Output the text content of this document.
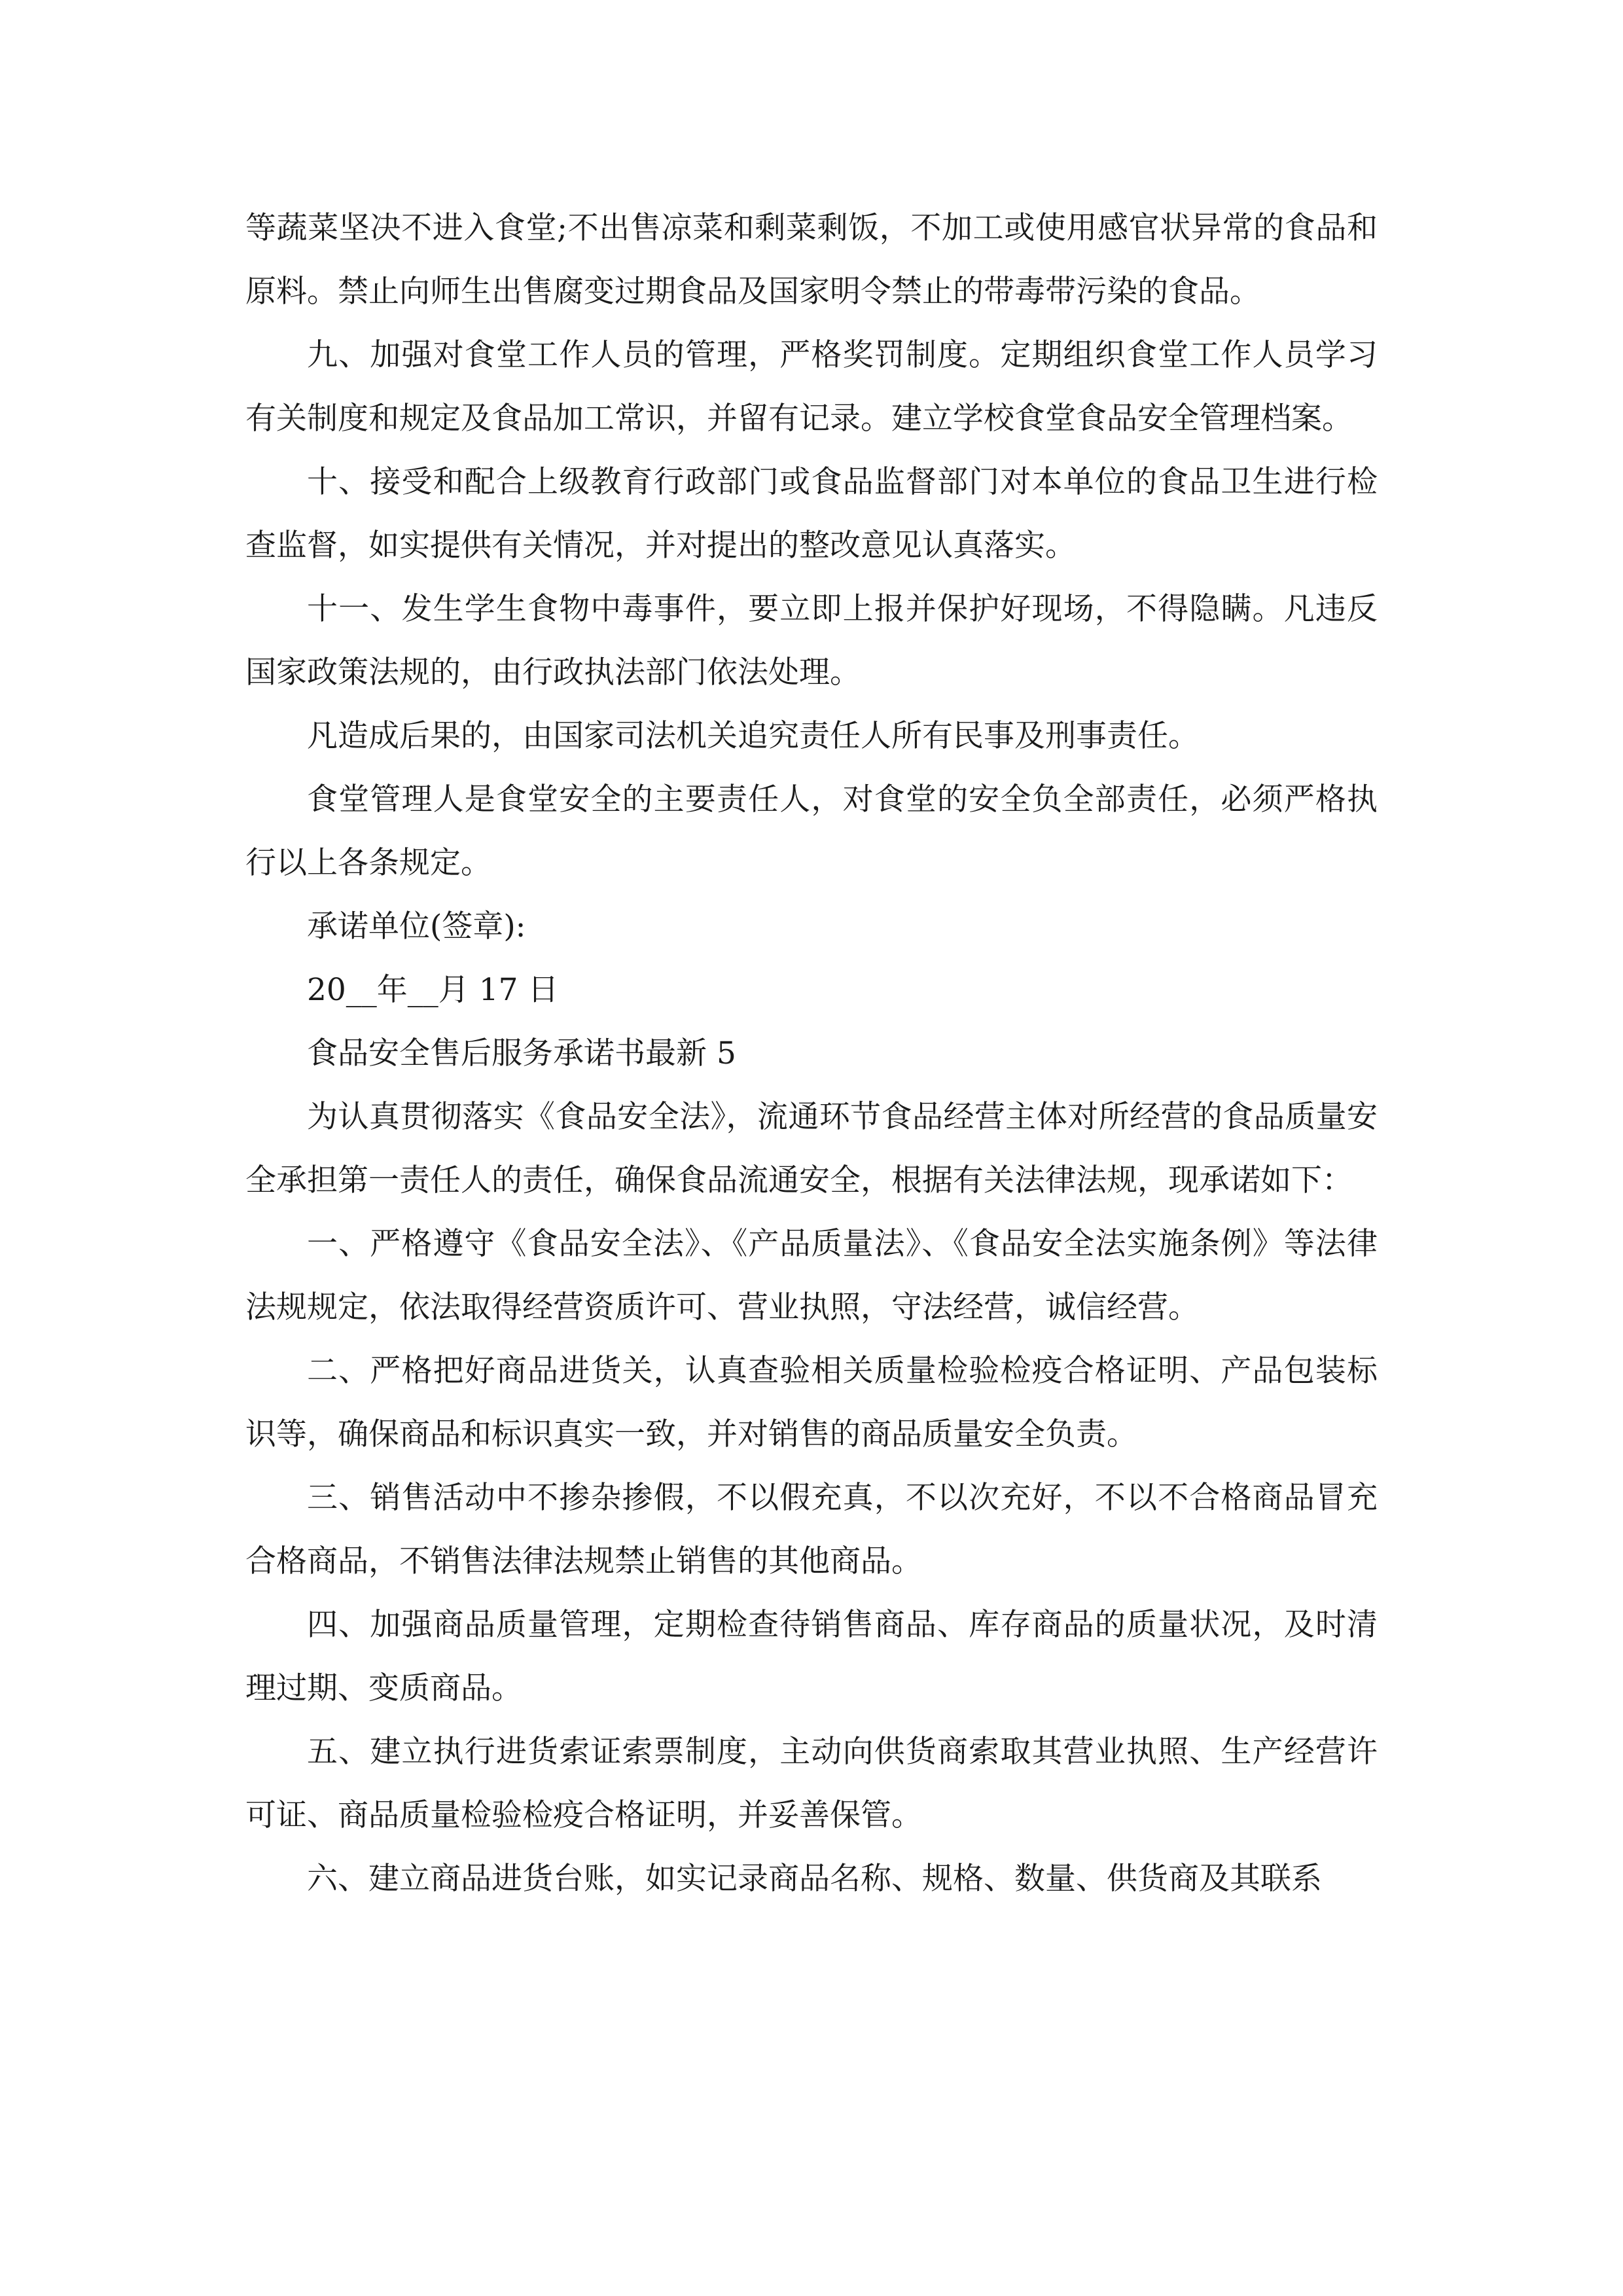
等蔬菜坚决不进入食堂;不出售凉菜和剩菜剩饭，不加工或使用感官状异常的食品和原料。禁止向师生出售腐变过期食品及国家明令禁止的带毒带污染的食品。

九、加强对食堂工作人员的管理，严格奖罚制度。定期组织食堂工作人员学习有关制度和规定及食品加工常识，并留有记录。建立学校食堂食品安全管理档案。

十、接受和配合上级教育行政部门或食品监督部门对本单位的食品卫生进行检查监督，如实提供有关情况，并对提出的整改意见认真落实。

十一、发生学生食物中毒事件，要立即上报并保护好现场，不得隐瞒。凡违反国家政策法规的，由行政执法部门依法处理。

凡造成后果的，由国家司法机关追究责任人所有民事及刑事责任。

食堂管理人是食堂安全的主要责任人，对食堂的安全负全部责任，必须严格执行以上各条规定。

承诺单位(签章):

20__年__月 17 日

食品安全售后服务承诺书最新 5

为认真贯彻落实《食品安全法》，流通环节食品经营主体对所经营的食品质量安全承担第一责任人的责任，确保食品流通安全，根据有关法律法规，现承诺如下：

一、严格遵守《食品安全法》、《产品质量法》、《食品安全法实施条例》等法律法规规定，依法取得经营资质许可、营业执照，守法经营，诚信经营。

二、严格把好商品进货关，认真查验相关质量检验检疫合格证明、产品包装标识等，确保商品和标识真实一致，并对销售的商品质量安全负责。

三、销售活动中不掺杂掺假，不以假充真，不以次充好，不以不合格商品冒充合格商品，不销售法律法规禁止销售的其他商品。

四、加强商品质量管理，定期检查待销售商品、库存商品的质量状况，及时清理过期、变质商品。

五、建立执行进货索证索票制度，主动向供货商索取其营业执照、生产经营许可证、商品质量检验检疫合格证明，并妥善保管。

六、建立商品进货台账，如实记录商品名称、规格、数量、供货商及其联系
